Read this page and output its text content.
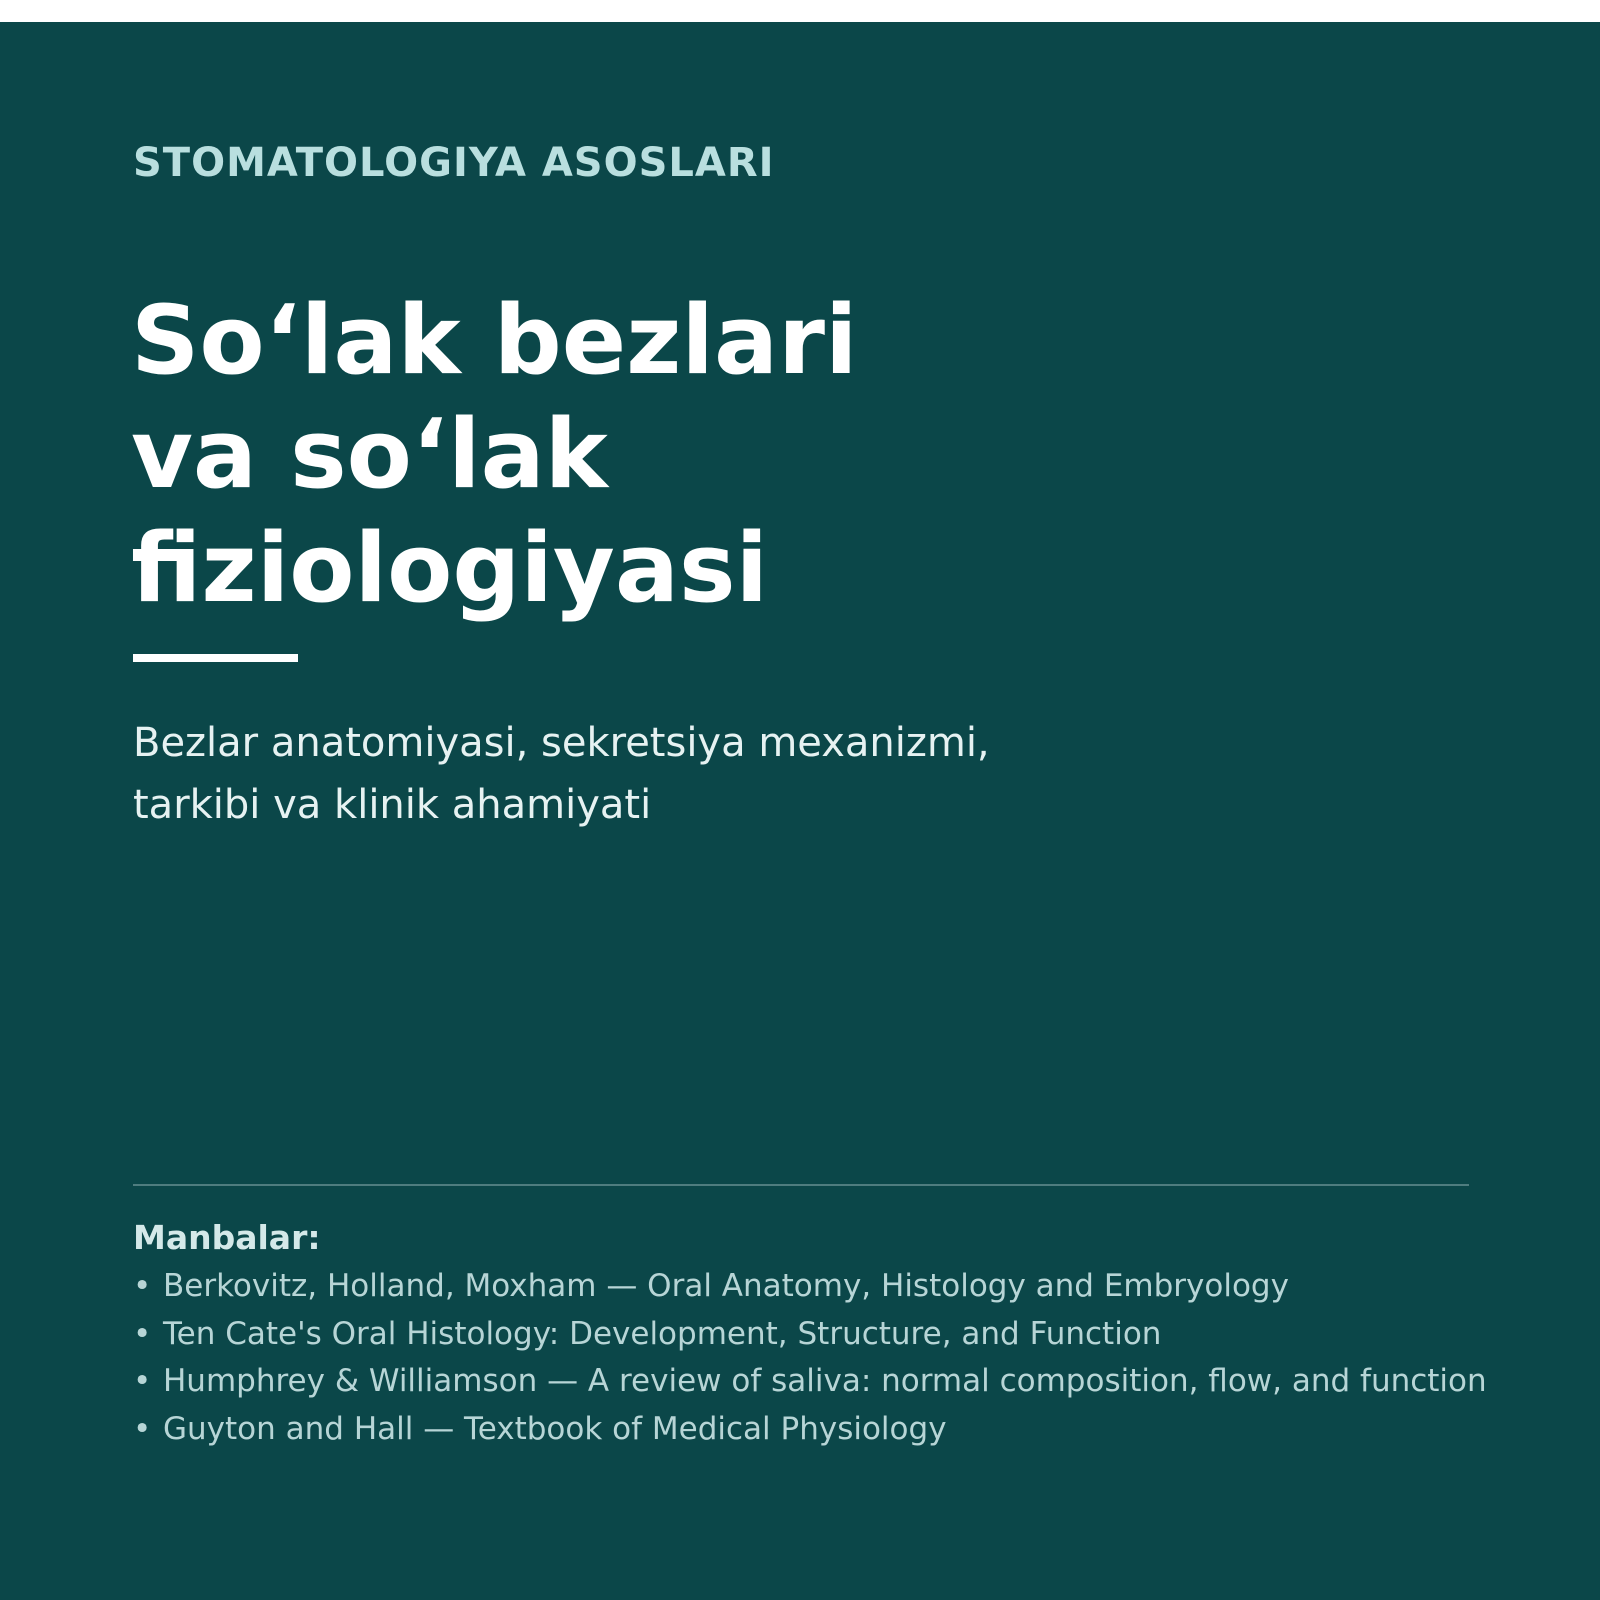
STOMATOLOGIYA ASOSLARI

So‘lak bezlari
va so‘lak
fiziologiyasi

Bezlar anatomiyasi, sekretsiya mexanizmi,
tarkibi va klinik ahamiyati

Manbalar:

• Berkovitz, Holland, Moxham — Oral Anatomy, Histology and Embryology
• Ten Cate's Oral Histology: Development, Structure, and Function
• Humphrey & Williamson — A review of saliva: normal composition, flow, and function
• Guyton and Hall — Textbook of Medical Physiology
